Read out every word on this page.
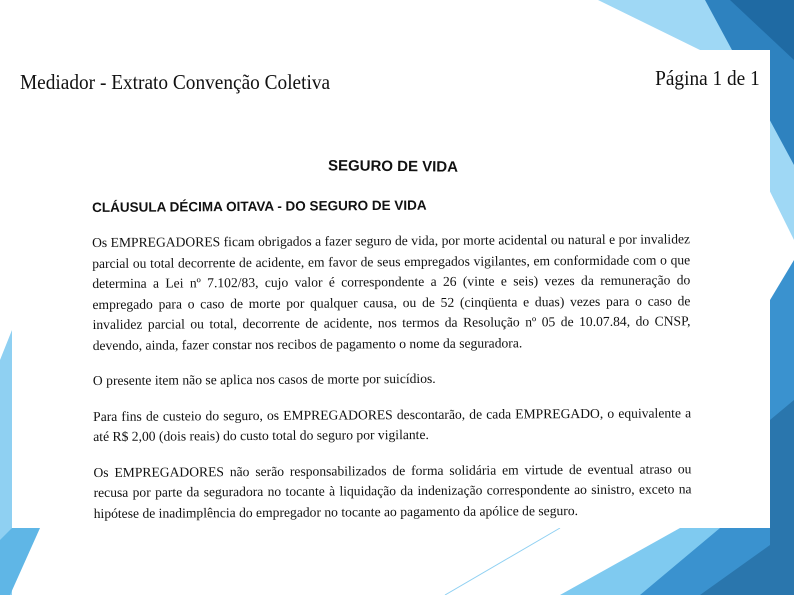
Mediador - Extrato Convenção Coletiva	Página 1 de 1
SEGURO DE VIDA
CLÁUSULA DÉCIMA OITAVA - DO SEGURO DE VIDA

Os EMPREGADORES ficam obrigados a fazer seguro de vida, por morte acidental ou natural e por invalidez parcial ou total decorrente de acidente, em favor de seus empregados vigilantes, em conformidade com o que determina a Lei nº 7.102/83, cujo valor é correspondente a 26 (vinte e seis) vezes da remuneração do empregado para o caso de morte por qualquer causa, ou de 52 (cinqüenta e duas) vezes para o caso de invalidez parcial ou total, decorrente de acidente, nos termos da Resolução nº 05 de 10.07.84, do CNSP, devendo, ainda, fazer constar nos recibos de pagamento o nome da seguradora.

O presente item não se aplica nos casos de morte por suicídios.

Para fins de custeio do seguro, os EMPREGADORES descontarão, de cada EMPREGADO, o equivalente a até R$ 2,00 (dois reais) do custo total do seguro por vigilante.

Os EMPREGADORES não serão responsabilizados de forma solidária em virtude de eventual atraso ou recusa por parte da seguradora no tocante à liquidação da indenização correspondente ao sinistro, exceto na hipótese de inadimplência do empregador no tocante ao pagamento da apólice de seguro.
